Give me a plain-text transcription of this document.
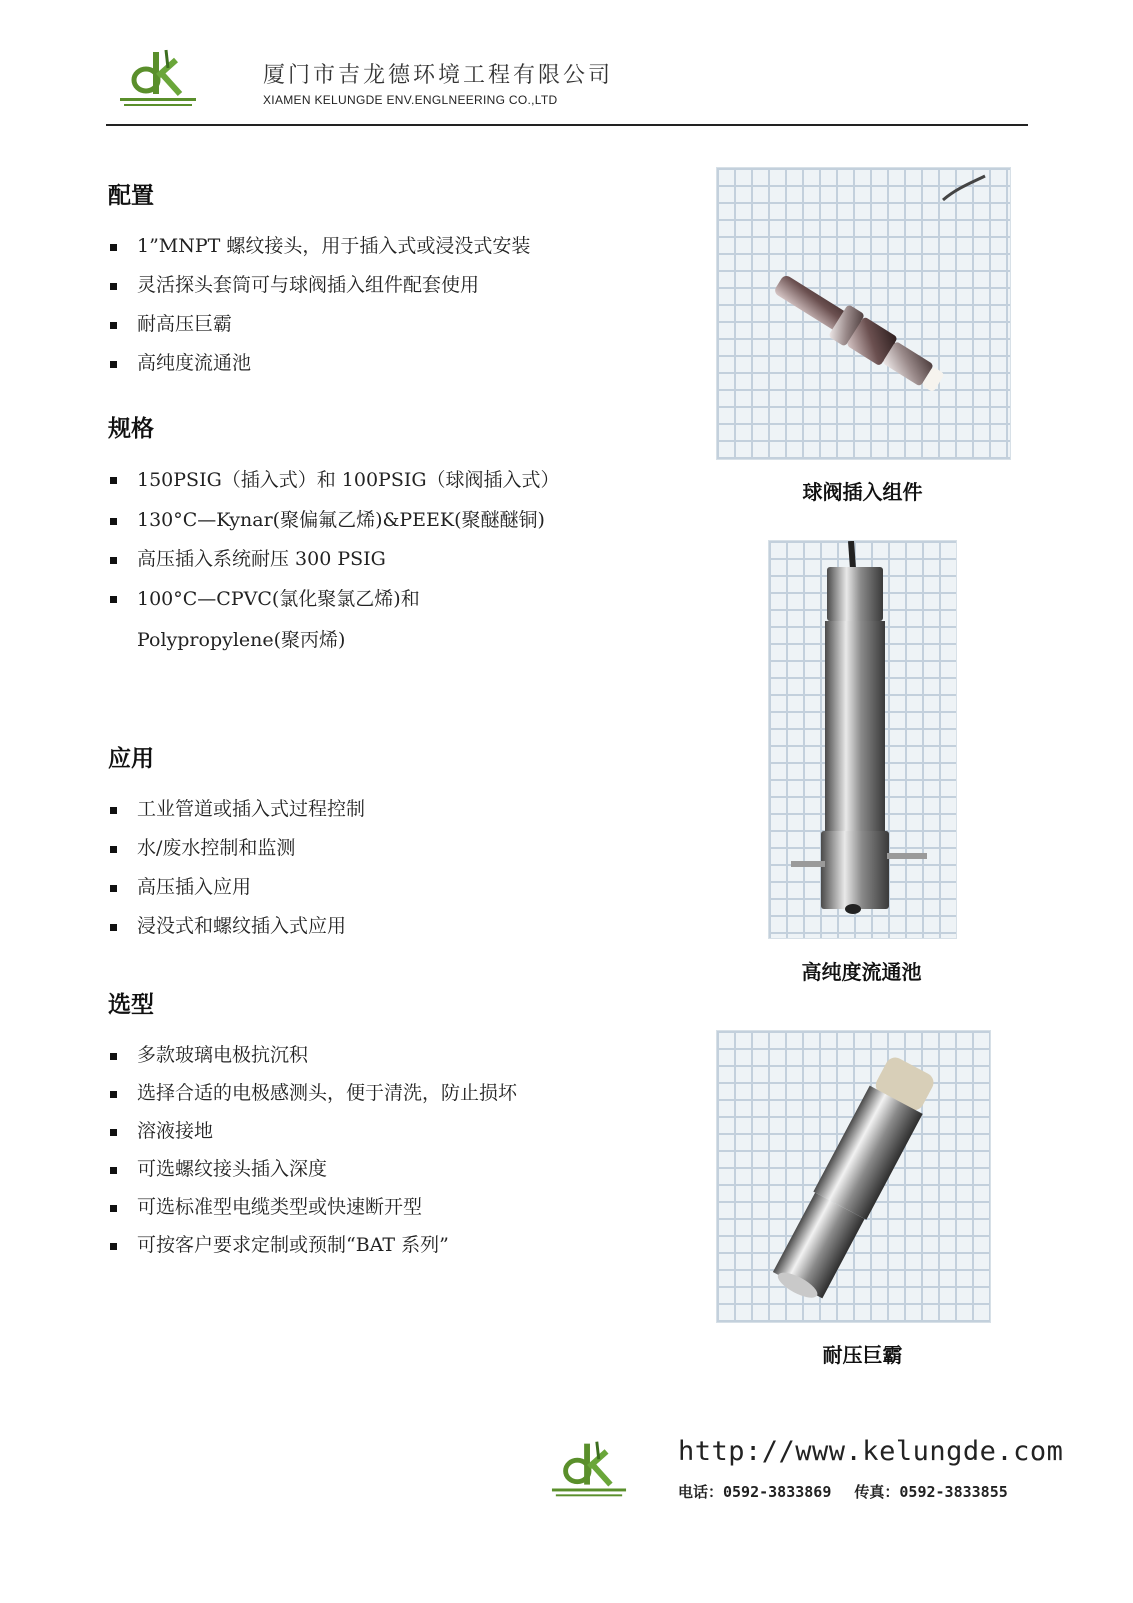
厦门市吉龙德环境工程有限公司
XIAMEN KELUNGDE ENV.ENGLNEERING CO.,LTD
配置
1”MNPT 螺纹接头，用于插入式或浸没式安装
灵活探头套筒可与球阀插入组件配套使用
耐高压巨霸
高纯度流通池
规格
150PSIG（插入式）和 100PSIG（球阀插入式）
130°C—Kynar(聚偏氟乙烯)&PEEK(聚醚醚铜)
高压插入系统耐压 300 PSIG
100°C—CPVC(氯化聚氯乙烯)和 Polypropylene(聚丙烯)
应用
工业管道或插入式过程控制
水/废水控制和监测
高压插入应用
浸没式和螺纹插入式应用
选型
多款玻璃电极抗沉积
选择合适的电极感测头，便于清洗，防止损坏
溶液接地
可选螺纹接头插入深度
可选标准型电缆类型或快速断开型
可按客户要求定制或预制“BAT 系列”
球阀插入组件
高纯度流通池
耐压巨霸
http://www.kelungde.com
电话：0592-3833869 传真：0592-3833855
